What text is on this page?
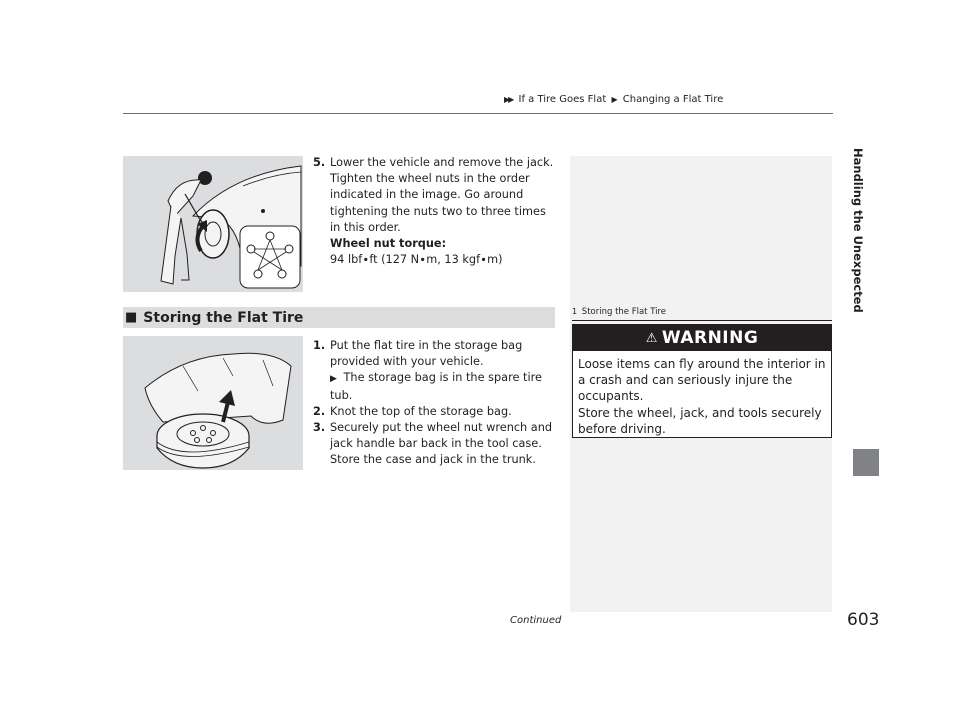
▶▶ If a Tire Goes Flat ▶ Changing a Flat Tire
Handling the Unexpected
5. Lower the vehicle and remove the jack.
Tighten the wheel nuts in the order indicated in the image. Go around tightening the nuts two to three times in this order.
Wheel nut torque:
94 lbf∙ft (127 N∙m, 13 kgf∙m)
■ Storing the Flat Tire
1. Put the flat tire in the storage bag provided with your vehicle.
▶ The storage bag is in the spare tire tub.
2. Knot the top of the storage bag.
3. Securely put the wheel nut wrench and jack handle bar back in the tool case. Store the case and jack in the trunk.
1 Storing the Flat Tire
⚠ WARNING
Loose items can fly around the interior in a crash and can seriously injure the occupants.
Store the wheel, jack, and tools securely before driving.
Continued	603
